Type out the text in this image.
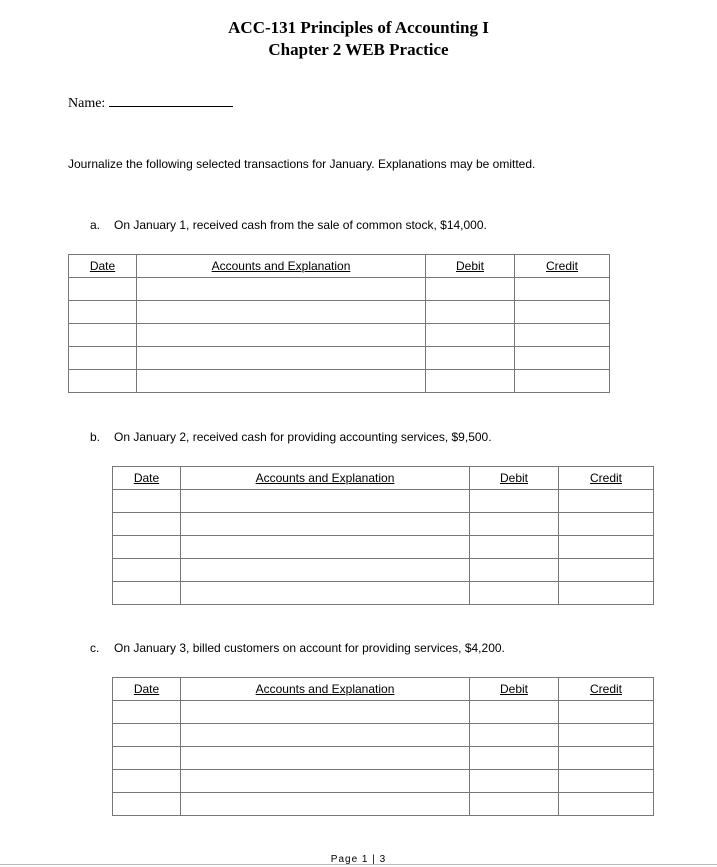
ACC-131 Principles of Accounting I
Chapter 2 WEB Practice
Name:
Journalize the following selected transactions for January. Explanations may be omitted.
a. On January 1, received cash from the sale of common stock, $14,000.
Date	Accounts and Explanation	Debit	Credit

b. On January 2, received cash for providing accounting services, $9,500.
Date	Accounts and Explanation	Debit	Credit

c. On January 3, billed customers on account for providing services, $4,200.
Date	Accounts and Explanation	Debit	Credit

Page 1 | 3
